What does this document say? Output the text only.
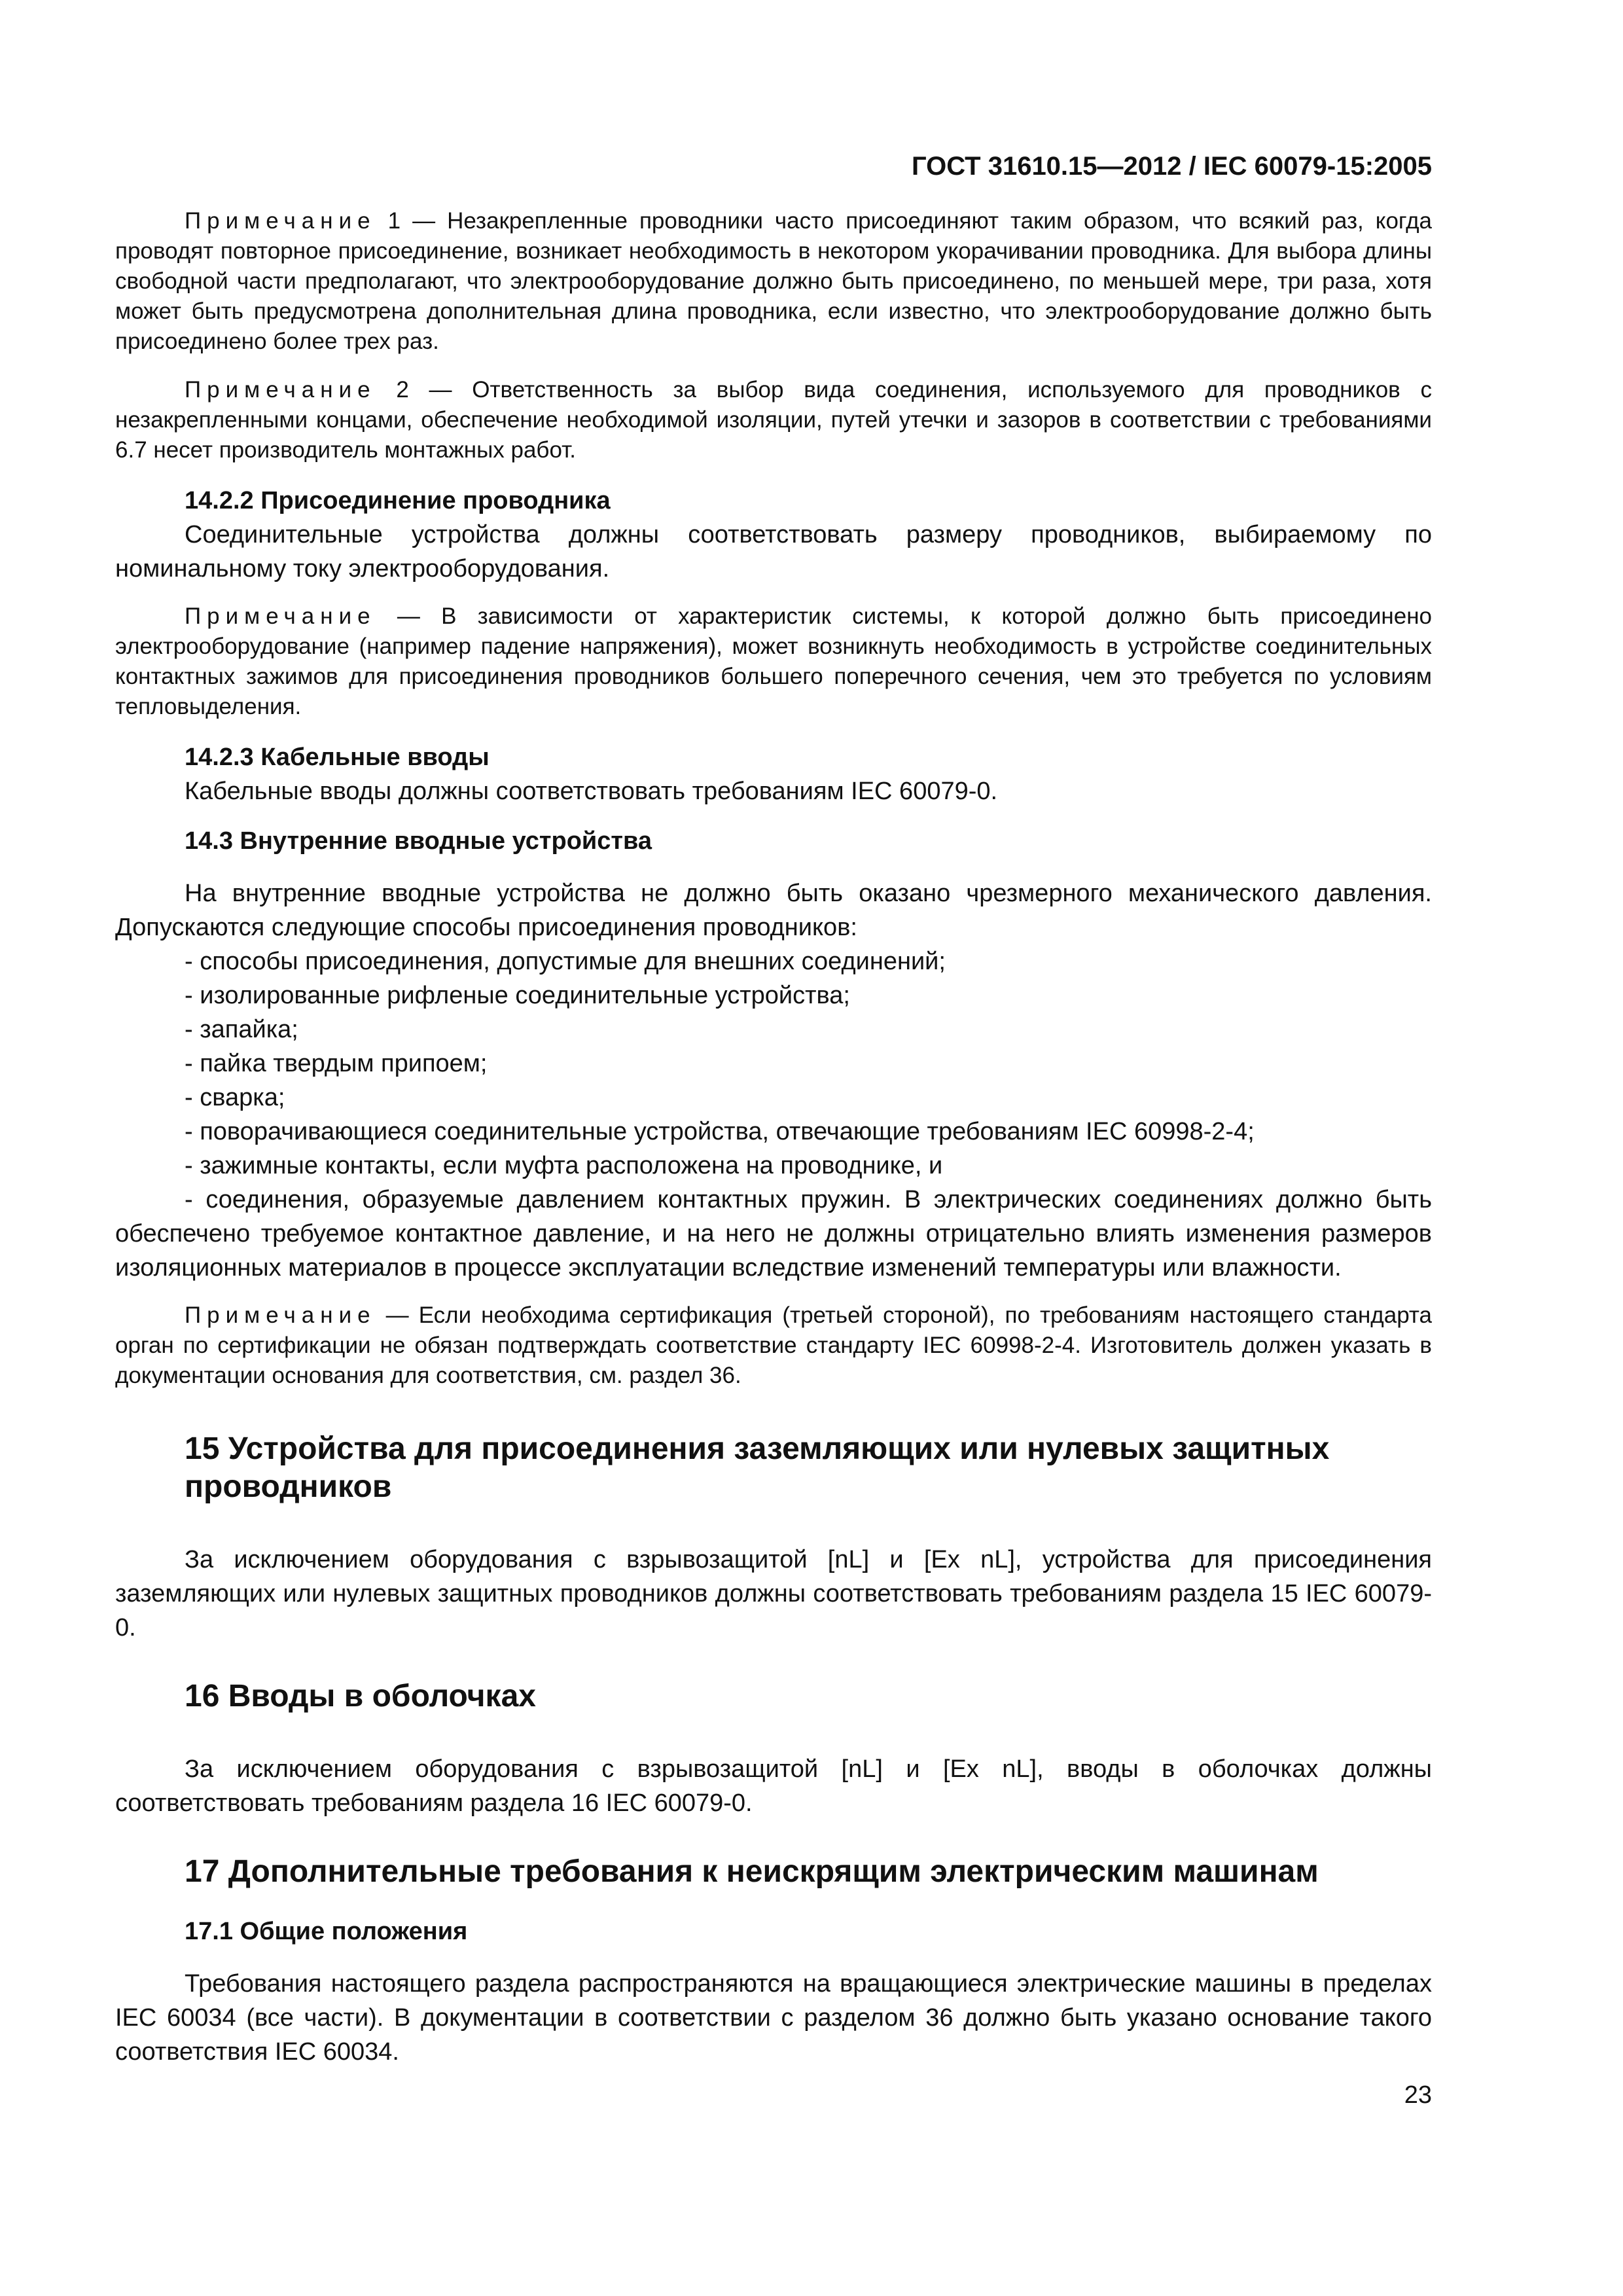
ГОСТ 31610.15—2012 / IEC 60079-15:2005

Примечание 1 — Незакрепленные проводники часто присоединяют таким образом, что всякий раз, когда проводят повторное присоединение, возникает необходимость в некотором укорачивании проводника. Для выбора длины свободной части предполагают, что электрооборудование должно быть присоединено, по меньшей мере, три раза, хотя может быть предусмотрена дополнительная длина проводника, если известно, что электрооборудование должно быть присоединено более трех раз.

Примечание 2 — Ответственность за выбор вида соединения, используемого для проводников с незакрепленными концами, обеспечение необходимой изоляции, путей утечки и зазоров в соответствии с требованиями 6.7 несет производитель монтажных работ.

14.2.2 Присоединение проводника

Соединительные устройства должны соответствовать размеру проводников, выбираемому по номинальному току электрооборудования.

Примечание — В зависимости от характеристик системы, к которой должно быть присоединено электрооборудование (например падение напряжения), может возникнуть необходимость в устройстве соединительных контактных зажимов для присоединения проводников большего поперечного сечения, чем это требуется по условиям тепловыделения.

14.2.3 Кабельные вводы

Кабельные вводы должны соответствовать требованиям IEC 60079-0.

14.3 Внутренние вводные устройства

На внутренние вводные устройства не должно быть оказано чрезмерного механического давления. Допускаются следующие способы присоединения проводников:

- способы присоединения, допустимые для внешних соединений;
- изолированные рифленые соединительные устройства;
- запайка;
- пайка твердым припоем;
- сварка;
- поворачивающиеся соединительные устройства, отвечающие требованиям IEC 60998-2-4;
- зажимные контакты, если муфта расположена на проводнике, и
- соединения, образуемые давлением контактных пружин. В электрических соединениях должно быть обеспечено требуемое контактное давление, и на него не должны отрицательно влиять изменения размеров изоляционных материалов в процессе эксплуатации вследствие изменений температуры или влажности.

Примечание — Если необходима сертификация (третьей стороной), по требованиям настоящего стандарта орган по сертификации не обязан подтверждать соответствие стандарту IEC 60998-2-4. Изготовитель должен указать в документации основания для соответствия, см. раздел 36.

15 Устройства для присоединения заземляющих или нулевых защитных проводников

За исключением оборудования с взрывозащитой [nL] и [Ex nL], устройства для присоединения заземляющих или нулевых защитных проводников должны соответствовать требованиям раздела 15 IEC 60079-0.

16 Вводы в оболочках

За исключением оборудования с взрывозащитой [nL] и [Ex nL], вводы в оболочках должны соответствовать требованиям раздела 16 IEC 60079-0.

17 Дополнительные требования к неискрящим электрическим машинам

17.1 Общие положения

Требования настоящего раздела распространяются на вращающиеся электрические машины в пределах IEC 60034 (все части). В документации в соответствии с разделом 36 должно быть указано основание такого соответствия IEC 60034.

23
